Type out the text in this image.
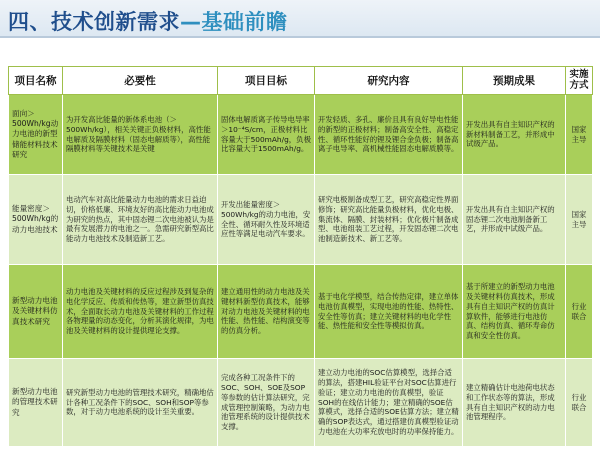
四、技术创新需求—基础前瞻
项目名称	必要性	项目目标	研究内容	预期成果	实施方式
面向＞500Wh/kg动力电池的新型储能材料技术研究	为开发高比能量的新体系电池（＞500Wh/kg），相关关键正负极材料，高性能电解质及隔膜材料（固态电解质等），高性能隔膜材料等关键技术是关键	固体电解质离子传导电导率＞10⁻⁴S/cm，正极材料比容量大于500mAh/g，负极比容量大于1500mAh/g。	开发轻质、多孔、廉价且具有良好导电性能的新型的正极材料；制备高安全性、高稳定性、循环性能好的锂及锂合金负极；制备高离子电导率、高机械性能固态电解质膜等。	开发出具有自主知识产权的新材料制备工艺，并形成中试级产品。	国家主导
能量密度＞500Wh/kg的动力电池技术	电动汽车对高比能量动力电池的需求日益迫切，价格低廉、环境友好的高比能动力电池成为研究的热点，其中固态锂二次电池被认为是最有发展潜力的电池之一。急需研究新型高比能动力电池技术及制造新工艺。	开发出能量密度＞500Wh/kg的动力电池，安全性、循环耐久性及环境适应性等满足电动汽车要求。	研究电极制备成型工艺，研究高稳定性界面修饰；研究高比能量负极材料，优化电极、集流体、隔膜、封装材料；优化极片制备成型、电池组装工艺过程，开发固态锂二次电池制造新技术、新工艺等。	开发出具有自主知识产权的固态锂二次电池制备新工艺，并形成中试级产品。	国家主导
新型动力电池及关键材料仿真技术研究	动力电池及关键材料的反应过程涉及到复杂的电化学反应、传质和传热等，建立新型仿真技术，全面取长动力电池及关键材料的工作过程各物理量的动态变化，分析其演化规律，为电池及关键材料的设计提供理论支撑。	建立通用性的动力电池及关键材料新型仿真技术，能够对动力电池及关键材料的电性能、热性能、结构演变等的仿真分析。	基于电化学模型，结合传热定律，建立单体电池仿真模型，实现电池的性能、热特性、安全性等仿真；建立关键材料的电化学性能、热性能和安全性等模拟仿真。	基于所建立的新型动力电池及关键材料仿真技术，形成具有自主知识产权的仿真计算软件，能够进行电池仿真、结构仿真、循环寿命仿真和安全性仿真。	行业联合
新型动力电池的管理技术研究	研究新型动力电池的管理技术研究，精确地估计各种工况条件下的SOC、SOH和SOP等参数，对于动力电池系统的设计至关重要。	完成各种工况条件下的SOC、SOH、SOE及SOP等参数的估计算法研究，完成管理控制策略，为动力电池管理系统的设计提供技术支撑。	建立动力电池的SOC估算模型，选择合适的算法，搭建HIL验证平台对SOC估算进行验证；建立动力电池的仿真模型，验证SOH的在线估计能力；建立精确的SOE估算模式，选择合适的SOE估算方法；建立精确的SOP表达式，通过搭建仿真模型验证动力电池在大功率充放电时的功率保持能力。	建立精确估计电池荷电状态和工作状态等的算法，形成具有自主知识产权的动力电池管理程序。	行业联合
